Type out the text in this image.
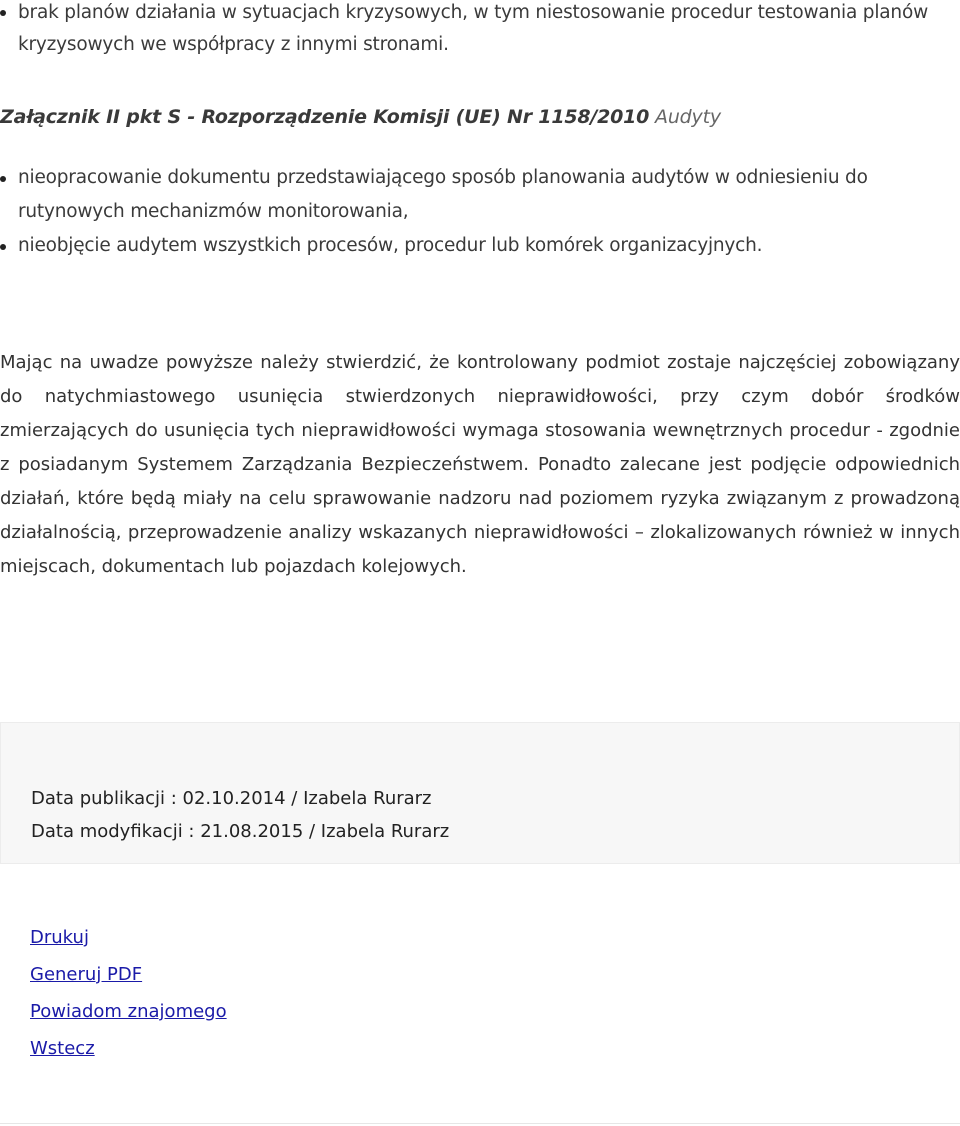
brak planów działania w sytuacjach kryzysowych, w tym niestosowanie procedur testowania planów kryzysowych we współpracy z innymi stronami.
Załącznik II pkt S - Rozporządzenie Komisji (UE) Nr 1158/2010 Audyty
nieopracowanie dokumentu przedstawiającego sposób planowania audytów w odniesieniu do rutynowych mechanizmów monitorowania,
nieobjęcie audytem wszystkich procesów, procedur lub komórek organizacyjnych.

Mając na uwadze powyższe należy stwierdzić, że kontrolowany podmiot zostaje najczęściej zobowiązany do natychmiastowego usunięcia stwierdzonych nieprawidłowości, przy czym dobór środków zmierzających do usunięcia tych nieprawidłowości wymaga stosowania wewnętrznych procedur - zgodnie z posiadanym Systemem Zarządzania Bezpieczeństwem. Ponadto zalecane jest podjęcie odpowiednich działań, które będą miały na celu sprawowanie nadzoru nad poziomem ryzyka związanym z prowadzoną działalnością, przeprowadzenie analizy wskazanych nieprawidłowości – zlokalizowanych również w innych miejscach, dokumentach lub pojazdach kolejowych.

Data publikacji : 02.10.2014 / Izabela Rurarz
Data modyfikacji : 21.08.2015 / Izabela Rurarz
Drukuj
Generuj PDF
Powiadom znajomego
Wstecz
